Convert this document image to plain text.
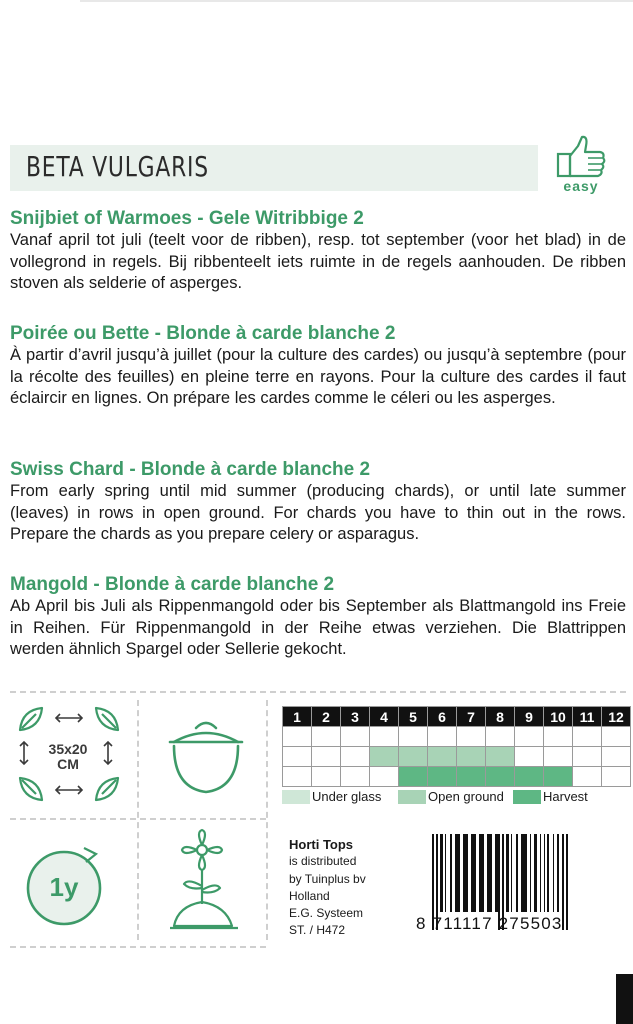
BETA VULGARIS
easy
Snijbiet of Warmoes - Gele Witribbige 2

Vanaf april tot juli (teelt voor de ribben), resp. tot september (voor het blad) in de vollegrond in regels. Bij ribbenteelt iets ruimte in de regels aanhouden. De ribben stoven als selderie of asperges.

Poirée ou Bette - Blonde à carde blanche 2

À partir d’avril jusqu’à juillet (pour la culture des cardes) ou jusqu’à septembre (pour la récolte des feuilles) en pleine terre en rayons. Pour la culture des cardes il faut éclaircir en lignes. On prépare les cardes comme le céleri ou les asperges.

Swiss Chard - Blonde à carde blanche 2

From early spring until mid summer (producing chards), or until late summer (leaves) in rows in open ground. For chards you have to thin out in the rows. Prepare the chards as you prepare celery or asparagus.

Mangold - Blonde à carde blanche 2

Ab April bis Juli als Rippenmangold oder bis September als Blattmangold ins Freie in Reihen. Für Rippenmangold in der Reihe etwas verziehen. Die Blattrippen werden ähnlich Spargel oder Sellerie gekocht.

35x20
CM
1y
1	2	3	4	5	6	7	8	9	10	11	12

Under glass	Open ground	Harvest
Horti Tops
is distributed
by Tuinplus bv
Holland
E.G. Systeem
ST. / H472	8 711117 275503
